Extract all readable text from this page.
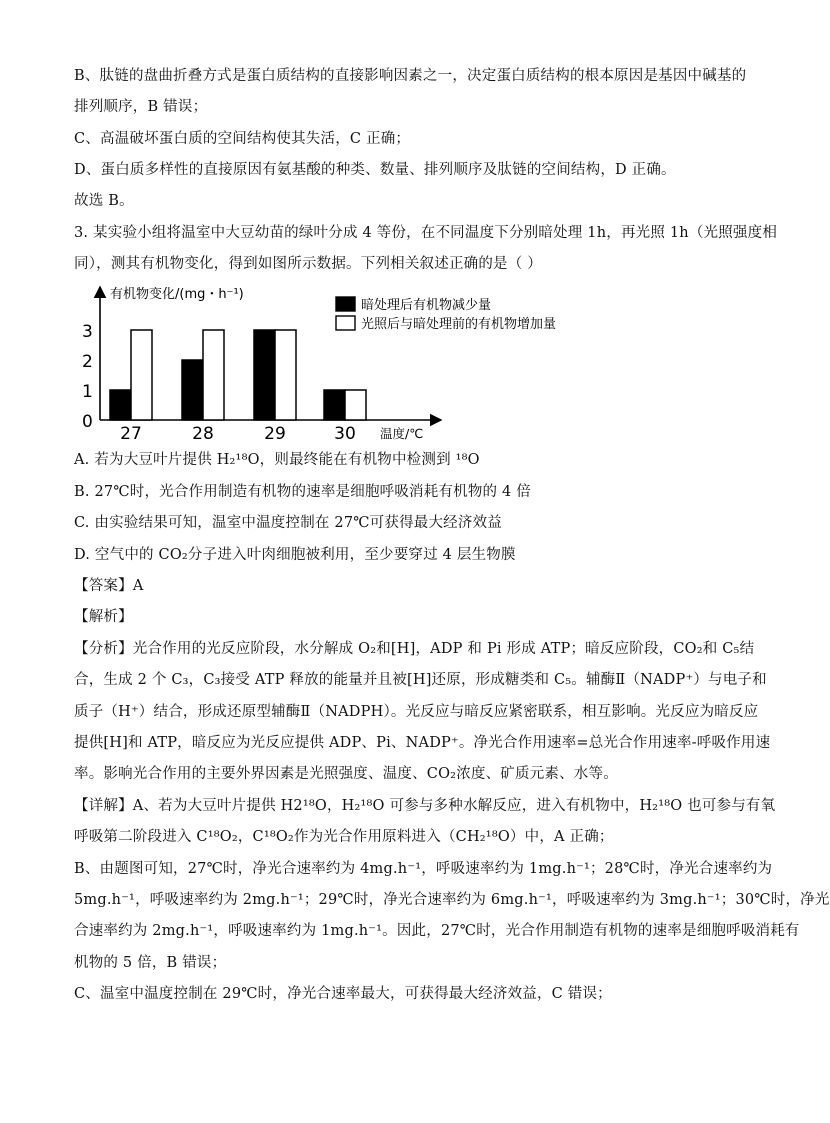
B、肽链的盘曲折叠方式是蛋白质结构的直接影响因素之一，决定蛋白质结构的根本原因是基因中碱基的
排列顺序，B 错误；
C、高温破坏蛋白质的空间结构使其失活，C 正确；
D、蛋白质多样性的直接原因有氨基酸的种类、数量、排列顺序及肽链的空间结构，D 正确。
故选 B。
3. 某实验小组将温室中大豆幼苗的绿叶分成 4 等份，在不同温度下分别暗处理 1h，再光照 1h（光照强度相
同），测其有机物变化，得到如图所示数据。下列相关叙述正确的是（ ）
有机物变化/(mg・h⁻¹)
温度/℃
0
1
2
3
27	28	29	30
暗处理后有机物减少量
光照后与暗处理前的有机物增加量
A. 若为大豆叶片提供 H₂¹⁸O，则最终能在有机物中检测到 ¹⁸O
B. 27℃时，光合作用制造有机物的速率是细胞呼吸消耗有机物的 4 倍
C. 由实验结果可知，温室中温度控制在 27℃可获得最大经济效益
D. 空气中的 CO₂分子进入叶肉细胞被利用，至少要穿过 4 层生物膜
【答案】A
【解析】
【分析】光合作用的光反应阶段，水分解成 O₂和[H]，ADP 和 Pi 形成 ATP；暗反应阶段，CO₂和 C₅结
合，生成 2 个 C₃，C₃接受 ATP 释放的能量并且被[H]还原，形成糖类和 C₅。辅酶Ⅱ（NADP⁺）与电子和
质子（H⁺）结合，形成还原型辅酶Ⅱ（NADPH）。光反应与暗反应紧密联系，相互影响。光反应为暗反应
提供[H]和 ATP，暗反应为光反应提供 ADP、Pi、NADP⁺。净光合作用速率=总光合作用速率-呼吸作用速
率。影响光合作用的主要外界因素是光照强度、温度、CO₂浓度、矿质元素、水等。
【详解】A、若为大豆叶片提供 H2¹⁸O，H₂¹⁸O 可参与多种水解反应，进入有机物中，H₂¹⁸O 也可参与有氧
呼吸第二阶段进入 C¹⁸O₂，C¹⁸O₂作为光合作用原料进入（CH₂¹⁸O）中，A 正确；
B、由题图可知，27℃时，净光合速率约为 4mg.h⁻¹，呼吸速率约为 1mg.h⁻¹；28℃时，净光合速率约为
5mg.h⁻¹，呼吸速率约为 2mg.h⁻¹；29℃时，净光合速率约为 6mg.h⁻¹，呼吸速率约为 3mg.h⁻¹；30℃时，净光
合速率约为 2mg.h⁻¹，呼吸速率约为 1mg.h⁻¹。因此，27℃时，光合作用制造有机物的速率是细胞呼吸消耗有
机物的 5 倍，B 错误；
C、温室中温度控制在 29℃时，净光合速率最大，可获得最大经济效益，C 错误；
